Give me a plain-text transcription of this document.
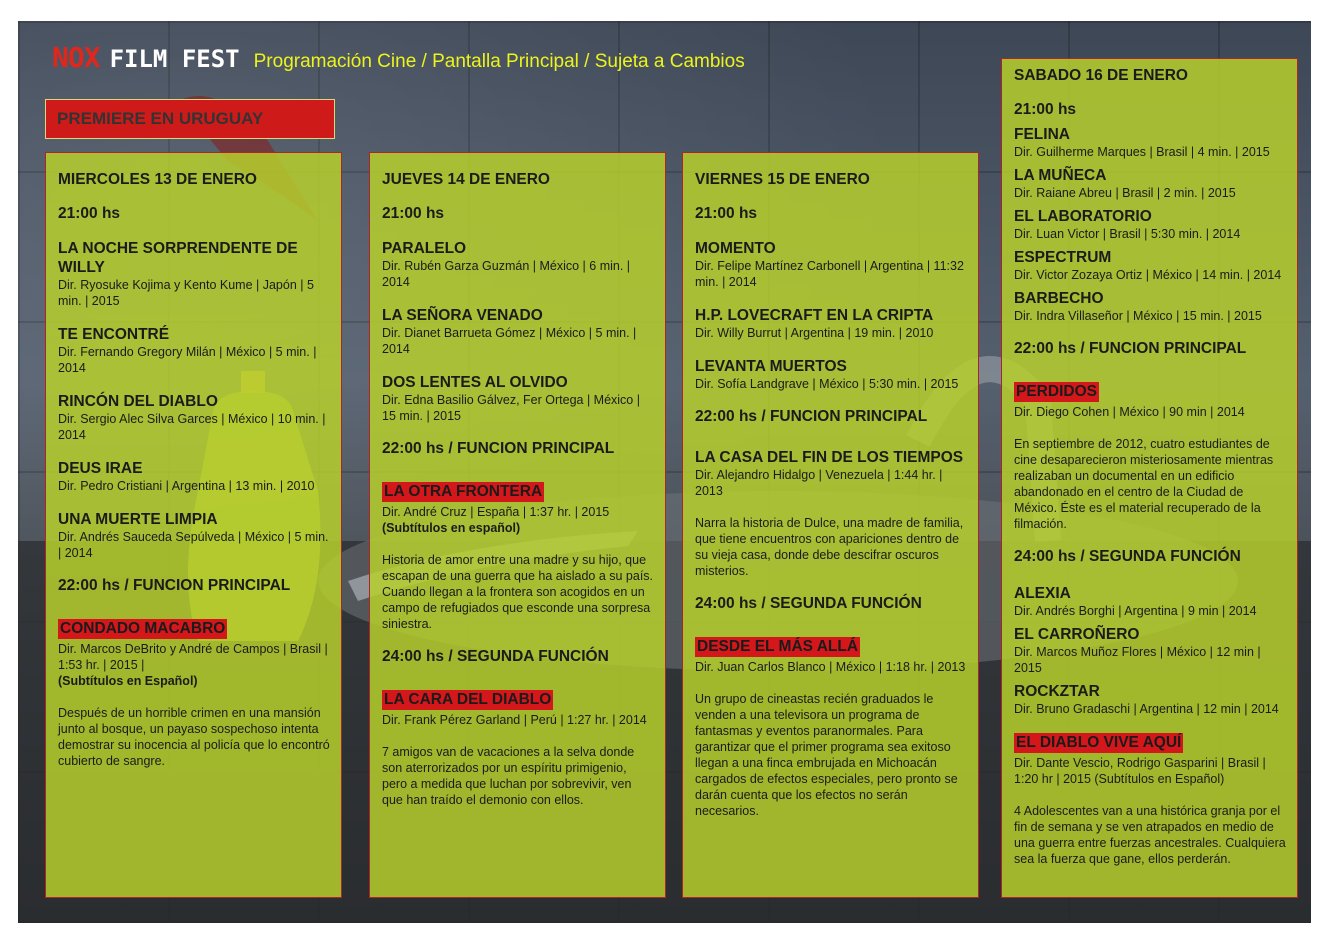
NOX FILM FEST Programación Cine / Pantalla Principal / Sujeta a Cambios
PREMIERE EN URUGUAY
MIERCOLES 13 DE ENERO
21:00 hs
LA NOCHE SORPRENDENTE DE WILLY
Dir. Ryosuke Kojima y Kento Kume | Japón | 5 min. | 2015
TE ENCONTRÉ
Dir. Fernando Gregory Milán | México | 5 min. | 2014
RINCÓN DEL DIABLO
Dir. Sergio Alec Silva Garces | México | 10 min. | 2014
DEUS IRAE
Dir. Pedro Cristiani | Argentina | 13 min. | 2010
UNA MUERTE LIMPIA
Dir. Andrés Sauceda Sepúlveda | México | 5 min. | 2014
22:00 hs / FUNCION PRINCIPAL
CONDADO MACABRO
Dir. Marcos DeBrito y André de Campos | Brasil | 1:53 hr. | 2015 |
(Subtítulos en Español)
Después de un horrible crimen en una mansión junto al bosque, un payaso sospechoso intenta demostrar su inocencia al policía que lo encontró cubierto de sangre.
JUEVES 14 DE ENERO
21:00 hs
PARALELO
Dir. Rubén Garza Guzmán | México | 6 min. | 2014
LA SEÑORA VENADO
Dir. Dianet Barrueta Gómez | México | 5 min. | 2014
DOS LENTES AL OLVIDO
Dir. Edna Basilio Gálvez, Fer Ortega | México | 15 min. | 2015
22:00 hs / FUNCION PRINCIPAL
LA OTRA FRONTERA
Dir. André Cruz | España | 1:37 hr. | 2015
(Subtítulos en español)
Historia de amor entre una madre y su hijo, que escapan de una guerra que ha aislado a su país. Cuando llegan a la frontera son acogidos en un campo de refugiados que esconde una sorpresa siniestra.
24:00 hs / SEGUNDA FUNCIÓN
LA CARA DEL DIABLO
Dir. Frank Pérez Garland | Perú | 1:27 hr. | 2014
7 amigos van de vacaciones a la selva donde son aterrorizados por un espíritu primigenio, pero a medida que luchan por sobrevivir, ven que han traído el demonio con ellos.
VIERNES 15 DE ENERO
21:00 hs
MOMENTO
Dir. Felipe Martínez Carbonell | Argentina | 11:32 min. | 2014
H.P. LOVECRAFT EN LA CRIPTA
Dir. Willy Burrut | Argentina | 19 min. | 2010
LEVANTA MUERTOS
Dir. Sofía Landgrave | México | 5:30 min. | 2015
22:00 hs / FUNCION PRINCIPAL
LA CASA DEL FIN DE LOS TIEMPOS
Dir. Alejandro Hidalgo | Venezuela | 1:44 hr. | 2013
Narra la historia de Dulce, una madre de familia, que tiene encuentros con apariciones dentro de su vieja casa, donde debe descifrar oscuros misterios.
24:00 hs / SEGUNDA FUNCIÓN
DESDE EL MÁS ALLÁ
Dir. Juan Carlos Blanco | México | 1:18 hr. | 2013
Un grupo de cineastas recién graduados le venden a una televisora un programa de fantasmas y eventos paranormales. Para garantizar que el primer programa sea exitoso llegan a una finca embrujada en Michoacán cargados de efectos especiales, pero pronto se darán cuenta que los efectos no serán necesarios.
SABADO 16 DE ENERO
21:00 hs
FELINA
Dir. Guilherme Marques | Brasil | 4 min. | 2015
LA MUÑECA
Dir. Raiane Abreu | Brasil | 2 min. | 2015
EL LABORATORIO
Dir. Luan Victor | Brasil | 5:30 min. | 2014
ESPECTRUM
Dir. Victor Zozaya Ortiz | México | 14 min. | 2014
BARBECHO
Dir. Indra Villaseñor | México | 15 min. | 2015
22:00 hs / FUNCION PRINCIPAL
PERDIDOS
Dir. Diego Cohen | México | 90 min | 2014
En septiembre de 2012, cuatro estudiantes de cine desaparecieron misteriosamente mientras realizaban un documental en un edificio abandonado en el centro de la Ciudad de México. Éste es el material recuperado de la filmación.
24:00 hs / SEGUNDA FUNCIÓN
ALEXIA
Dir. Andrés Borghi | Argentina | 9 min | 2014
EL CARROÑERO
Dir. Marcos Muñoz Flores | México | 12 min | 2015
ROCKZTAR
Dir. Bruno Gradaschi | Argentina | 12 min | 2014
EL DIABLO VIVE AQUÍ
Dir. Dante Vescio, Rodrigo Gasparini | Brasil | 1:20 hr | 2015 (Subtítulos en Español)
4 Adolescentes van a una histórica granja por el fin de semana y se ven atrapados en medio de una guerra entre fuerzas ancestrales. Cualquiera sea la fuerza que gane, ellos perderán.
